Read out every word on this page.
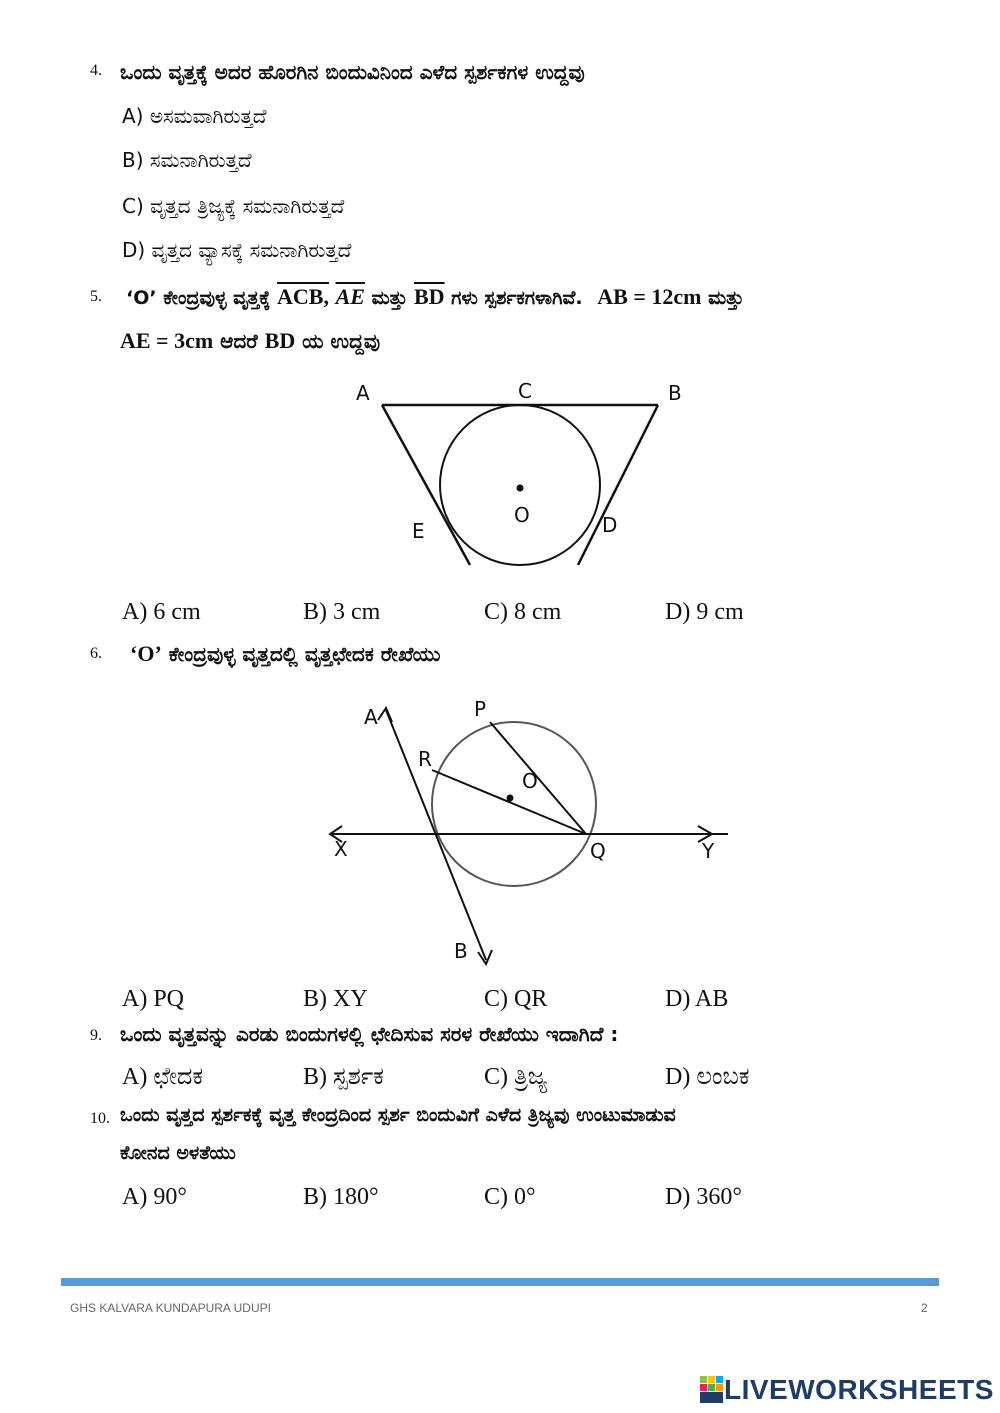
4. ಒಂದು ವೃತ್ತಕ್ಕೆ ಅದರ ಹೊರಗಿನ ಬಿಂದುವಿನಿಂದ ಎಳೆದ ಸ್ಪರ್ಶಕಗಳ ಉದ್ದವು
A) ಅಸಮವಾಗಿರುತ್ತದೆ
B) ಸಮನಾಗಿರುತ್ತದೆ
C) ವೃತ್ತದ ತ್ರಿಜ್ಯಕ್ಕೆ ಸಮನಾಗಿರುತ್ತದೆ
D) ವೃತ್ತದ ವ್ಯಾಸಕ್ಕೆ ಸಮನಾಗಿರುತ್ತದೆ
5. ‘O’ ಕೇಂದ್ರವುಳ್ಳ ವೃತ್ತಕ್ಕೆ ACB, $\overline{AE}$ ಮತ್ತು $\overline{BD}$ ಗಳು ಸ್ಪರ್ಶಕಗಳಾಗಿವೆ. AB = 12cm ಮತ್ತು
AE = 3cm ಆದರೆ BD ಯ ಉದ್ದವು
A	C	B
E	D
O
A) 6 cm	B) 3 cm	C) 8 cm	D) 9 cm
6. ‘O’ ಕೇಂದ್ರವುಳ್ಳ ವೃತ್ತದಲ್ಲಿ ವೃತ್ತಛೇದಕ ರೇಖೆಯು
A	P
R
O
Q
X	Y
B
A) PQ	B) XY	C) QR	D) AB
9. ಒಂದು ವೃತ್ತವನ್ನು ಎರಡು ಬಿಂದುಗಳಲ್ಲಿ ಛೇದಿಸುವ ಸರಳ ರೇಖೆಯು ಇದಾಗಿದೆ :
A) ಛೇದಕ	B) ಸ್ಪರ್ಶಕ	C) ತ್ರಿಜ್ಯ	D) ಲಂಬಕ
10. ಒಂದು ವೃತ್ತದ ಸ್ಪರ್ಶಕಕ್ಕೆ ವೃತ್ತ ಕೇಂದ್ರದಿಂದ ಸ್ಪರ್ಶ ಬಿಂದುವಿಗೆ ಎಳೆದ ತ್ರಿಜ್ಯವು ಉಂಟುಮಾಡುವ
ಕೋನದ ಅಳತೆಯು
A) 90°	B) 180°	C) 0°	D) 360°
GHS KALVARA KUNDAPURA UDUPI	2
LIVEWORKSHEETS
